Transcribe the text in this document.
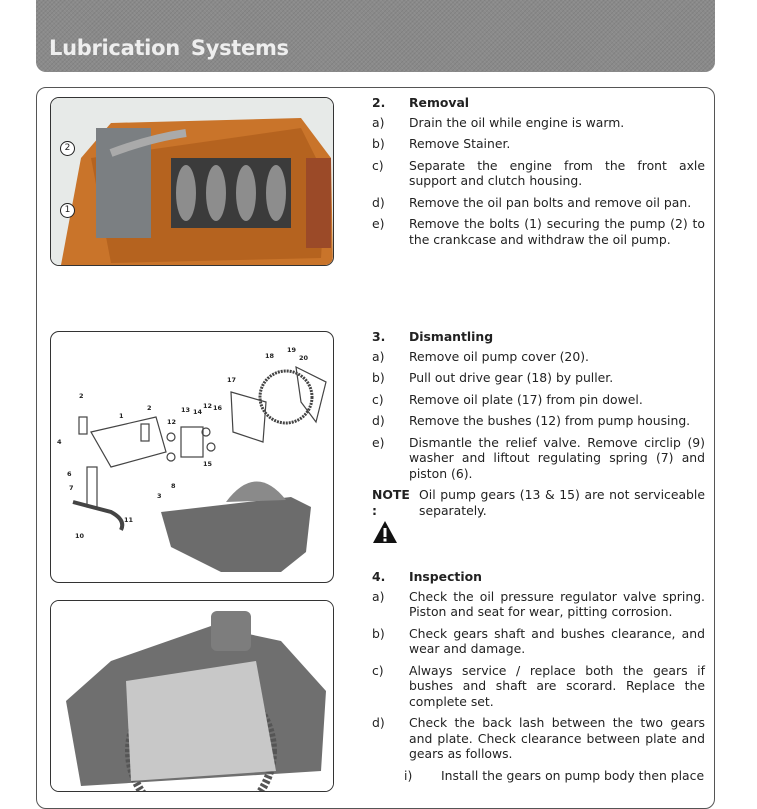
Lubrication Systems
2
1
2
1
2
4
6
7
12
13 14
12 16
17
18
19
20
15
8
3
11
10
2.	Removal
a)	Drain the oil while engine is warm.
b)	Remove Stainer.
c)	Separate the engine from the front axle support and clutch housing.
d)	Remove the oil pan bolts and remove oil pan.
e)	Remove the bolts (1) securing the pump (2) to the crankcase and withdraw the oil pump.
3.	Dismantling
a)	Remove oil pump cover (20).
b)	Pull out drive gear (18) by puller.
c)	Remove oil plate (17) from pin dowel.
d)	Remove the bushes (12) from pump housing.
e)	Dismantle the relief valve. Remove circlip (9) washer and liftout regulating spring (7) and piston (6).
NOTE :
Oil pump gears (13 & 15) are not serviceable separately.
4.	Inspection
a)	Check the oil pressure regulator valve spring. Piston and seat for wear, pitting corrosion.
b)	Check gears shaft and bushes clearance, and wear and damage.
c)	Always service / replace both the gears if bushes and shaft are scorard. Replace the complete set.
d)	Check the back lash between the two gears and plate. Check clearance between plate and gears as follows.
i)	Install the gears on pump body then place
